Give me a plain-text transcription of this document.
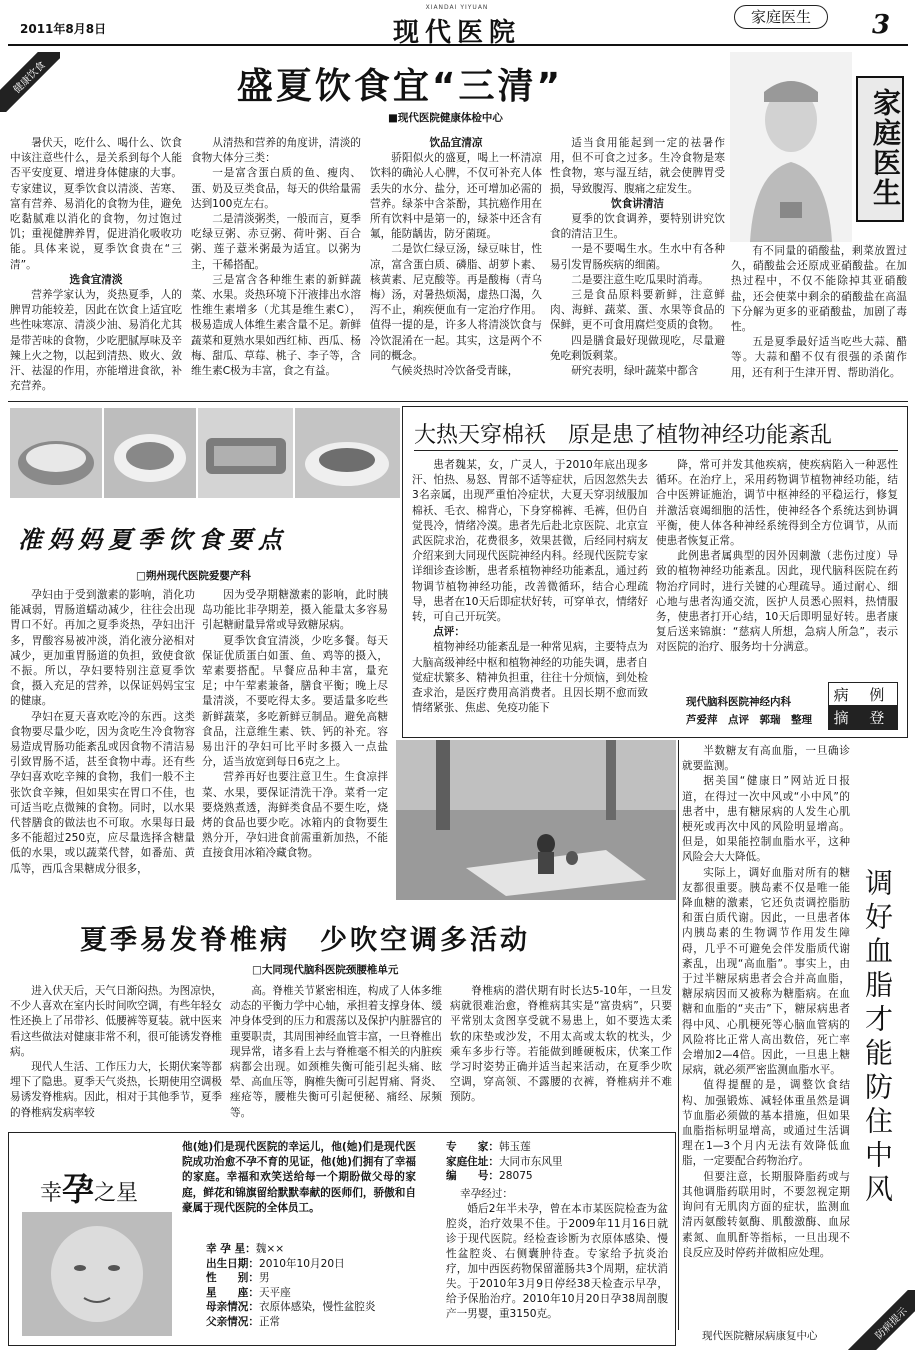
2011年8月8日
XIANDAI YIYUAN
现代医院
家庭医生	3
健康饮食	盛夏饮食宜“三清”
■现代医院健康体检中心

暑伏天，吃什么、喝什么、饮食中该注意些什么，是关系到每个人能否平安度夏、增进身体健康的大事。专家建议，夏季饮食以清淡、苦寒、富有营养、易消化的食物为佳，避免吃黏腻难以消化的食物，勿过饱过饥；重视健脾养胃，促进消化吸收功能。具体来说，夏季饮食贵在“三清”。

选食宜清淡

营养学家认为，炎热夏季，人的脾胃功能较差，因此在饮食上适宜吃些性味寒凉、清淡少油、易消化尤其是带苦味的食物，少吃肥腻厚味及辛辣上火之物，以起到清热、败火、敛汗、祛湿的作用，亦能增进食欲，补充营养。

从清热和营养的角度讲，清淡的食物大体分三类：

一是富含蛋白质的鱼、瘦肉、蛋、奶及豆类食品，每天的供给量需达到100克左右。

二是清淡粥类，一般而言，夏季吃绿豆粥、赤豆粥、荷叶粥、百合粥、莲子薏米粥最为适宜。以粥为主，干稀搭配。

三是富含各种维生素的新鲜蔬菜、水果。炎热环境下汗液排出水溶性维生素增多（尤其是维生素C），极易造成人体维生素含量不足。新鲜蔬菜和夏熟水果如西红柿、西瓜、杨梅、甜瓜、草莓、桃子、李子等，含维生素C极为丰富，食之有益。

饮品宜清凉

骄阳似火的盛夏，喝上一杯清凉饮料的确沁人心脾，不仅可补充人体丢失的水分、盐分，还可增加必需的营养。绿茶中含茶酚，其抗癌作用在所有饮料中是第一的，绿茶中还含有氟，能防龋齿，防牙菌斑。

二是饮仁绿豆汤，绿豆味甘，性凉，富含蛋白质、磷脂、胡萝卜素、核黄素、尼克酸等。再是酸梅（青乌梅）汤，对暑热烦渴，虚热口渴，久泻不止，痢疾便血有一定治疗作用。值得一提的是，许多人将清淡饮食与冷饮混淆在一起。其实，这是两个不同的概念。

气候炎热时冷饮备受青睐，

适当食用能起到一定的祛暑作用，但不可食之过多。生冷食物是寒性食物，寒与湿互结，就会使脾胃受损，导致腹泻、腹痛之症发生。

饮食讲清洁

夏季的饮食调养，要特别讲究饮食的清洁卫生。

一是不要喝生水。生水中有各种易引发胃肠疾病的细菌。

二是要注意生吃瓜果时消毒。

三是食品原料要新鲜，注意鲜肉、海鲜、蔬菜、蛋、水果等食品的保鲜，更不可食用腐烂变质的食物。

四是膳食最好现做现吃，尽量避免吃剩饭剩菜。

研究表明，绿叶蔬菜中都含

家庭医生

有不同量的硝酸盐，剩菜放置过久，硝酸盐会还原成亚硝酸盐。在加热过程中，不仅不能除掉其亚硝酸盐，还会使菜中剩余的硝酸盐在高温下分解为更多的亚硝酸盐，加剧了毒性。

五是夏季最好适当吃些大蒜、醋等。大蒜和醋不仅有很强的杀菌作用，还有利于生津开胃、帮助消化。

准妈妈夏季饮食要点
□朔州现代医院爱婴产科

孕妇由于受到激素的影响，消化功能减弱，胃肠道蠕动减少，往往会出现胃口不好。再加之夏季炎热，孕妇出汗多，胃酸容易被冲淡，消化液分泌相对减少，更加重胃肠道的负担，致使食欲不振。所以，孕妇要特别注意夏季饮食，摄入充足的营养，以保证妈妈宝宝的健康。

孕妇在夏天喜欢吃冷的东西。这类食物要尽量少吃，因为贪吃生冷食物容易造成胃肠功能紊乱或因食物不清洁易引致胃肠不适，甚至食物中毒。还有些孕妇喜欢吃辛辣的食物，我们一般不主张饮食辛辣，但如果实在胃口不佳，也可适当吃点微辣的食物。同时，以水果代替膳食的做法也不可取。水果每日最多不能超过250克，应尽量选择含糖量低的水果，或以蔬菜代替，如番茄、黄瓜等，西瓜含果糖成分很多，

因为受孕期糖激素的影响，此时胰岛功能比非孕期差，摄入能量太多容易引起糖耐量异常或导致糖尿病。

夏季饮食宜清淡，少吃多餐。每天保证优质蛋白如蛋、鱼、鸡等的摄入，荤素要搭配。早餐应品种丰富，量充足；中午荤素兼备，膳食平衡；晚上尽量清淡，不要吃得太多。要适量多吃些新鲜蔬菜，多吃新鲜豆制品。避免高糖食品，注意维生素、铁、钙的补充。容易出汗的孕妇可比平时多摄入一点盐分，适当放宽到每日6克之上。

营养再好也要注意卫生。生食凉拌菜、水果，要保证清洗干净。菜肴一定要烧熟煮透，海鲜类食品不要生吃，烧烤的食品也要少吃。冰箱内的食物要生熟分开，孕妇进食前需重新加热，不能直接食用冰箱冷藏食物。

大热天穿棉袄　原是患了植物神经功能紊乱

患者魏某，女，广灵人，于2010年底出现多汗、怕热、易怒、胃部不适等症状，后因忽然失去3名亲属，出现严重怕冷症状，大夏天穿羽绒服加棉袄、毛衣、棉背心，下身穿棉裤、毛裤，但仍自觉畏冷，情绪冷漠。患者先后赴北京医院、北京宣武医院求治，花费很多，效果甚微，后经同村病友介绍来到大同现代医院神经内科。经现代医院专家详细诊查诊断，患者系植物神经功能紊乱，通过药物调节植物神经功能，改善微循环，结合心理疏导，患者在10天后即症状好转，可穿单衣，情绪好转，可自己开玩笑。

点评：

植物神经功能紊乱是一种常见病，主要特点为大脑高级神经中枢和植物神经的功能失调，患者自觉症状繁多、精神负担重，往往十分烦恼，到处检查求治，是医疗费用高消费者。且因长期不愈而致情绪紧张、焦虑、免疫功能下

降，常可并发其他疾病，使疾病陷入一种恶性循环。在治疗上，采用药物调节植物神经功能，结合中医辨证施治，调节中枢神经的平稳运行，修复并激活衰竭细胞的活性，使神经各个系统达到协调平衡，使人体各种神经系统得到全方位调节，从而使患者恢复正常。

此例患者属典型的因外因刺激（悲伤过度）导致的植物神经功能紊乱。因此，现代脑科医院在药物治疗同时，进行关键的心理疏导。通过耐心、细心地与患者沟通交流，医护人员悉心照料，热情服务，使患者打开心结，10天后即明显好转。患者康复后送来锦旗：“慈病人所想，急病人所急”，表示对医院的治疗、服务均十分满意。

现代脑科医院神经内科
芦爱萍　点评　郭瑞　整理
病 例
摘 登

半数糖友有高血脂，一旦确诊就要监测。

据美国“健康日”网站近日报道，在得过一次中风或“小中风”的患者中，患有糖尿病的人发生心肌梗死或再次中风的风险明显增高。但是，如果能控制血脂水平，这种风险会大大降低。

实际上，调好血脂对所有的糖友都很重要。胰岛素不仅是唯一能降血糖的激素，它还负责调控脂肪和蛋白质代谢。因此，一旦患者体内胰岛素的生物调节作用发生障碍，几乎不可避免会伴发脂质代谢紊乱，出现“高血脂”。事实上，由于过半糖尿病患者会合并高血脂，糖尿病因而又被称为糖脂病。在血糖和血脂的“夹击”下，糖尿病患者得中风、心肌梗死等心脑血管病的风险将比正常人高出数倍，死亡率会增加2—4倍。因此，一旦患上糖尿病，就必须严密监测血脂水平。

值得提醒的是，调整饮食结构、加强锻炼、减轻体重虽然是调节血脂必须做的基本措施，但如果血脂指标明显增高，或通过生活调理在1—3个月内无法有效降低血脂，一定要配合药物治疗。

但要注意，长期服降脂药或与其他调脂药联用时，不要忽视定期询问有无肌肉方面的症状，监测血清丙氨酸转氨酶、肌酸激酶、血尿素氮、血肌酐等指标，一旦出现不良反应及时停药并做相应处理。

调好血脂才能防住中风
现代医院糖尿病康复中心	防病提示
夏季易发脊椎病　少吹空调多活动
□大同现代脑科医院颈腰椎单元

进入伏天后，天气日渐闷热。为图凉快，不少人喜欢在室内长时间吹空调，有些年轻女性还换上了吊带衫、低腰裤等夏装。就中医来看这些做法对健康非常不利，很可能诱发脊椎病。

现代人生活、工作压力大，长期伏案等都埋下了隐患。夏季天气炎热，长期使用空调极易诱发脊椎病。因此，相对于其他季节，夏季的脊椎病发病率较

高。脊椎关节紧密相连，构成了人体多维动态的平衡力学中心轴，承担着支撑身体、缓冲身体受到的压力和震荡以及保护内脏器官的重要职责，其周围神经血管丰富，一旦脊椎出现异常，诸多看上去与脊椎毫不相关的内脏疾病都会出现。如颈椎失衡可能引起头痛、眩晕、高血压等，胸椎失衡可引起胃痛、肾炎、痤疮等，腰椎失衡可引起便秘、痛经、尿频等。

脊椎病的潜伏期有时长达5-10年，一旦发病就很难治愈，脊椎病其实是“富贵病”，只要平常别太贪图享受就不易患上，如不要选太柔软的床垫或沙发，不用太高或太软的枕头，少乘车多步行等。若能做到睡硬板床，伏案工作学习时姿势正确并适当起来活动，在夏季少吹空调，穿高领、不露腰的衣裤，脊椎病并不难预防。

幸孕之星
他(她)们是现代医院的幸运儿，他(她)们是现代医院成功治愈不孕不育的见证，他(她)们拥有了幸福的家庭。幸福和欢笑送给每一个期盼做父母的家庭，鲜花和锦旗留给默默奉献的医师们，骄傲和自豪属于现代医院的全体员工。
幸 孕 星：魏××
出生日期：2010年10月20日
性　　别：男
星　　座：天平座
母亲情况：衣原体感染，慢性盆腔炎
父亲情况：正常
专　　家：韩玉莲
家庭住址：大同市东风里
编　　号：28075
幸孕经过：
婚后2年半未孕，曾在本市某医院检查为盆腔炎，治疗效果不佳。于2009年11月16日就诊于现代医院。经检查诊断为衣原体感染、慢性盆腔炎、右侧囊肿待查。专家给予抗炎治疗，加中西医药物保留灌肠共3个周期，症状消失。于2010年3月9日停经38天检查示早孕，给予保胎治疗。2010年10月20日孕38周剖腹产一男婴，重3150克。
